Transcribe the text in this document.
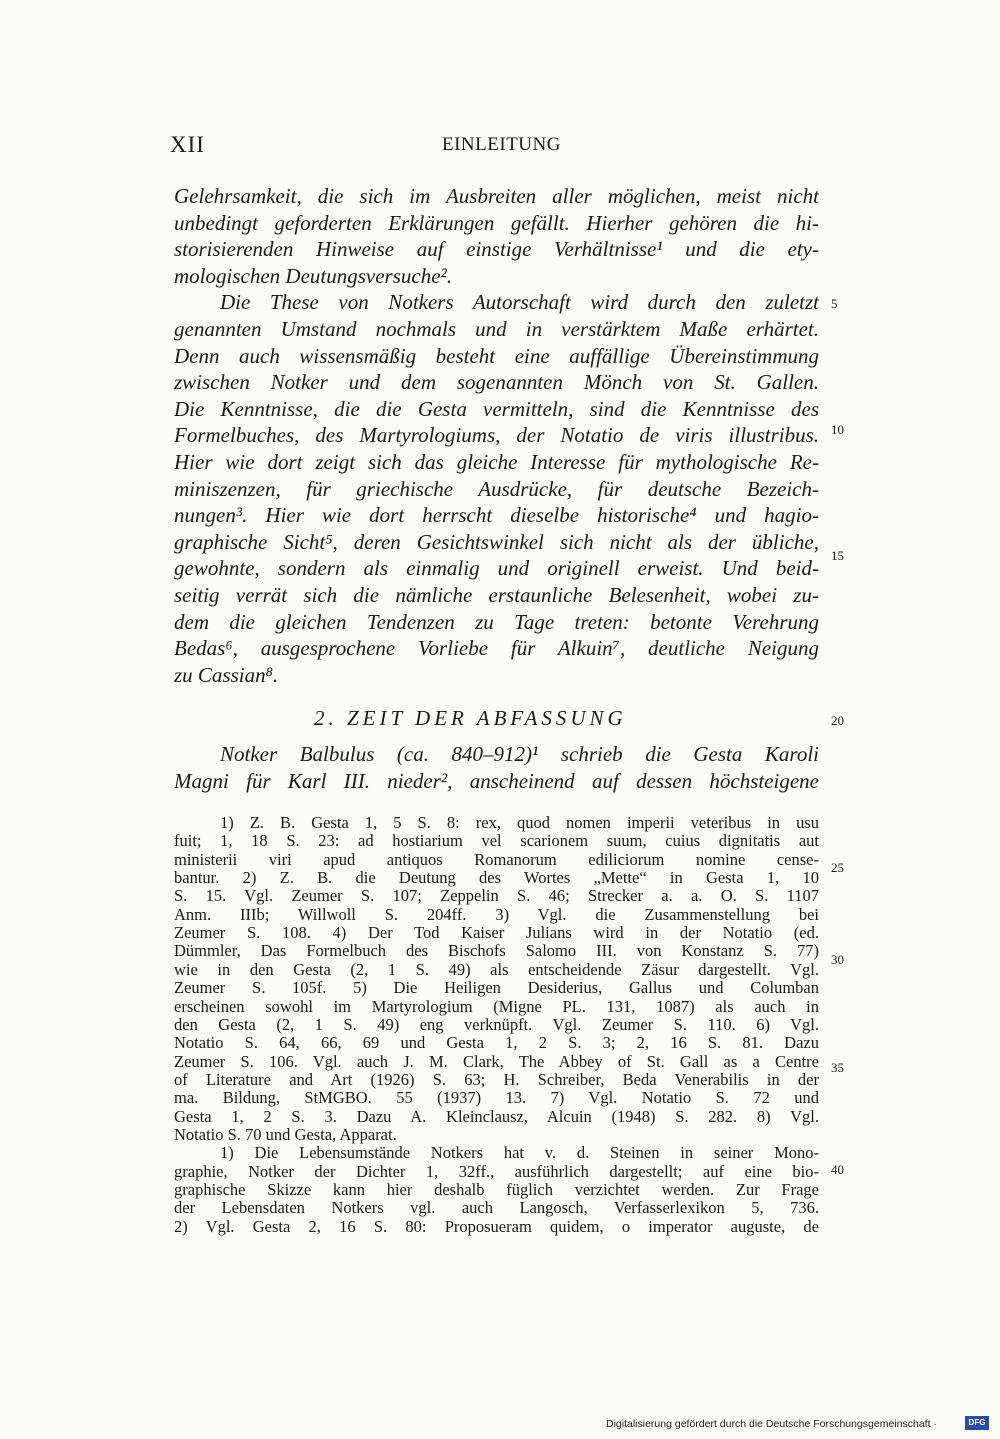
XII	EINLEITUNG
Gelehrsamkeit, die sich im Ausbreiten aller möglichen, meist nicht
unbedingt geforderten Erklärungen gefällt. Hierher gehören die hi-
storisierenden Hinweise auf einstige Verhältnisse¹ und die ety-
mologischen Deutungsversuche².
Die These von Notkers Autorschaft wird durch den zuletzt
genannten Umstand nochmals und in verstärktem Maße erhärtet.
Denn auch wissensmäßig besteht eine auffällige Übereinstimmung
zwischen Notker und dem sogenannten Mönch von St. Gallen.
Die Kenntnisse, die die Gesta vermitteln, sind die Kenntnisse des
Formelbuches, des Martyrologiums, der Notatio de viris illustribus.
Hier wie dort zeigt sich das gleiche Interesse für mythologische Re-
miniszenzen, für griechische Ausdrücke, für deutsche Bezeich-
nungen³. Hier wie dort herrscht dieselbe historische⁴ und hagio-
graphische Sicht⁵, deren Gesichtswinkel sich nicht als der übliche,
gewohnte, sondern als einmalig und originell erweist. Und beid-
seitig verrät sich die nämliche erstaunliche Belesenheit, wobei zu-
dem die gleichen Tendenzen zu Tage treten: betonte Verehrung
Bedas⁶, ausgesprochene Vorliebe für Alkuin⁷, deutliche Neigung
zu Cassian⁸.
5
10
15
2. ZEIT DER ABFASSUNG	20
Notker Balbulus (ca. 840–912)¹ schrieb die Gesta Karoli
Magni für Karl III. nieder², anscheinend auf dessen höchsteigene
1) Z. B. Gesta 1, 5 S. 8: rex, quod nomen imperii veteribus in usu
fuit; 1, 18 S. 23: ad hostiarium vel scarionem suum, cuius dignitatis aut
ministerii viri apud antiquos Romanorum ediliciorum nomine cense-
bantur. 2) Z. B. die Deutung des Wortes „Mette“ in Gesta 1, 10
S. 15. Vgl. Zeumer S. 107; Zeppelin S. 46; Strecker a. a. O. S. 1107
Anm. IIIb; Willwoll S. 204ff. 3) Vgl. die Zusammenstellung bei
Zeumer S. 108. 4) Der Tod Kaiser Julians wird in der Notatio (ed.
Dümmler, Das Formelbuch des Bischofs Salomo III. von Konstanz S. 77)
wie in den Gesta (2, 1 S. 49) als entscheidende Zäsur dargestellt. Vgl.
Zeumer S. 105f. 5) Die Heiligen Desiderius, Gallus und Columban
erscheinen sowohl im Martyrologium (Migne PL. 131, 1087) als auch in
den Gesta (2, 1 S. 49) eng verknüpft. Vgl. Zeumer S. 110. 6) Vgl.
Notatio S. 64, 66, 69 und Gesta 1, 2 S. 3; 2, 16 S. 81. Dazu
Zeumer S. 106. Vgl. auch J. M. Clark, The Abbey of St. Gall as a Centre
of Literature and Art (1926) S. 63; H. Schreiber, Beda Venerabilis in der
ma. Bildung, StMGBO. 55 (1937) 13. 7) Vgl. Notatio S. 72 und
Gesta 1, 2 S. 3. Dazu A. Kleinclausz, Alcuin (1948) S. 282. 8) Vgl.
Notatio S. 70 und Gesta, Apparat.
1) Die Lebensumstände Notkers hat v. d. Steinen in seiner Mono-
graphie, Notker der Dichter 1, 32ff., ausführlich dargestellt; auf eine bio-
graphische Skizze kann hier deshalb füglich verzichtet werden. Zur Frage
der Lebensdaten Notkers vgl. auch Langosch, Verfasserlexikon 5, 736.
2) Vgl. Gesta 2, 16 S. 80: Proposueram quidem, o imperator auguste, de
25
30
35
40
Digitalisierung gefördert durch die Deutsche Forschungsgemeinschaft ·	DFG
